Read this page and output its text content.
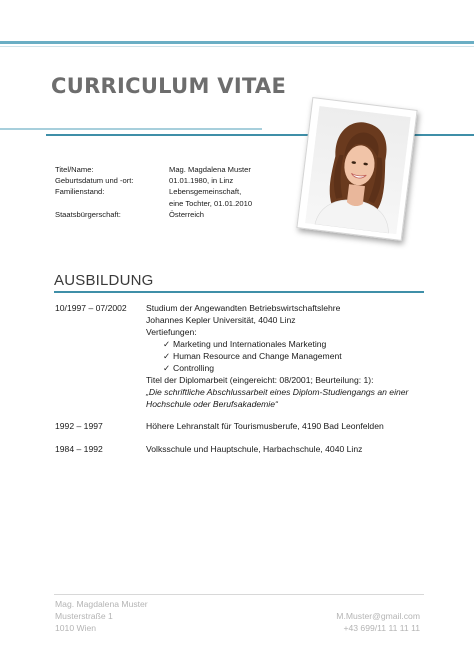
CURRICULUM VITAE
Titel/Name:	Mag. Magdalena Muster
Geburtsdatum und -ort:	01.01.1980, in Linz
Familienstand:	Lebensgemeinschaft,
eine Tochter, 01.01.2010
Staatsbürgerschaft:	Österreich
AUSBILDUNG
10/1997 – 07/2002	Studium der Angewandten Betriebswirtschaftslehre
Johannes Kepler Universität, 4040 Linz
Vertiefungen:
✓ Marketing und Internationales Marketing
✓ Human Resource and Change Management
✓ Controlling
Titel der Diplomarbeit (eingereicht: 08/2001; Beurteilung: 1):
„Die schriftliche Abschlussarbeit eines Diplom-Studiengangs an einer
Hochschule oder Berufsakademie“
1992 – 1997	Höhere Lehranstalt für Tourismusberufe, 4190 Bad Leonfelden
1984 – 1992	Volksschule und Hauptschule, Harbachschule, 4040 Linz
Mag. Magdalena Muster
Musterstraße 1
1010 Wien
M.Muster@gmail.com
+43 699/11 11 11 11
